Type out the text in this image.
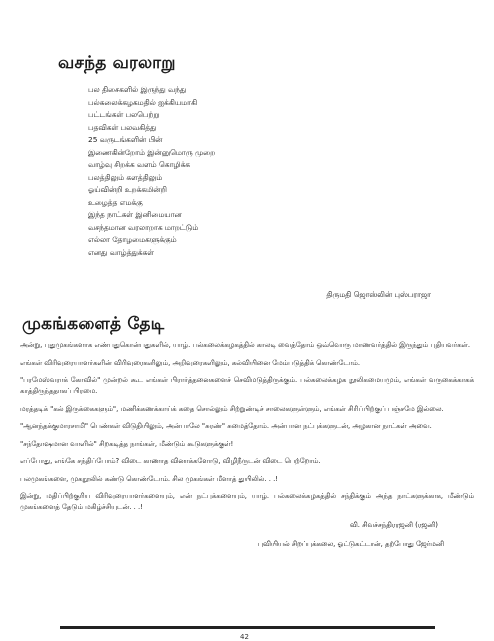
வசந்த வரலாறு
பல திசைகளில் இருந்து வந்து
பல்கலைக்கழகமதில் ஐக்கியமாகி
பட்டங்கள் பலபெற்று
பதவிகள் பலவகித்து
25 வருடங்களின் பின்
இணைகின்றோம் இன்னுமொரு முறை
வாழ்வு சிறக்க வளம் கொழிக்க
பலத்திலும் களத்திலும்
ஓய்வின்றி உறக்கமின்றி
உழைத்த எமக்கு
இந்த நாட்கள் இனிமையான
வசந்தமான வரலாறாக மாறட்டும்
எல்லா தோழமைகளுக்கும்
எனது வாழ்த்துக்கள்
திருமதி ஜொஸ்லின் புஸ்பராஜா
முகங்களைத் தேடி

அன்று, புதுமுகங்களாக எண்பதுகொன்பதுகளில், யாழ். பல்கலைக்கழகத்தில் காலடி வைத்தோம் ஒவ்வொரு மாணவர்த்தில் இருந்தும் புதியவர்கள்.

எங்கள் விரிவுரையாளர்களின் விரிவுரைகளிலும், அறிவுரைகளிலும், கல்வியினை மேம்படுத்திக் கொண்டோம்.

"பரமேஸ்வராக் கோவில்" முன்றல் கூட எங்கள் பிரார்த்தனைகளைச் செவிமடுத்திருக்கும். பல்கலைக்கழக நூலிகமையமும், எங்கள் வருகைக்காகக் காத்திருந்ததாகப் பிரமை.

மரத்தடிக் "கல் இருக்கைகளும்", மணிக்கணக்காய்க் கதை சொல்லும் சிற்றுண்டிச் சாலைகளுள்ளும், எங்கள் சிரிப்பிற்குப் பஞ்சமே இல்லை.

"ஆனந்தக்குமாரசாமி" பெண்கள் விடுதியிலும், அன்பாலே "சுரண்" சுமைத்தோம். அன்பான நட்புக்களுடன், அழகான நாட்கள் அவை.

"சந்தோஷமான வாளில்" சிறகடித்த நாங்கள், மீண்டும் கூடுகளுக்குள்!

எப்போது, எங்கே சந்திப்போம்? விடை காணாத வினாக்களோடு, விழிநீருடன் விடை பெற்றோம்.

பலமுகங்களை, முகநூலில் கண்டு கொண்டோம். சில முகங்கள் மீளாத் துயிலில். . .!

இன்று, மதிப்பிற்குரிய விரிவுரையாளர்களையும், என் நட்புக்களையும், யாழ். பல்கலைக்கழகத்தில் சந்திக்கும் அந்த நாட்களுக்காக, மீண்டும் முகங்களைத் தேடும் மகிழ்ச்சியுடன். . .!

வி. சிவச்சந்திரரஜனி (ரஜனி)

புவியியல் சிறப்புக்கலை, ஓட்டுகட்டான், தற்போது ஜேர்மனி

42
